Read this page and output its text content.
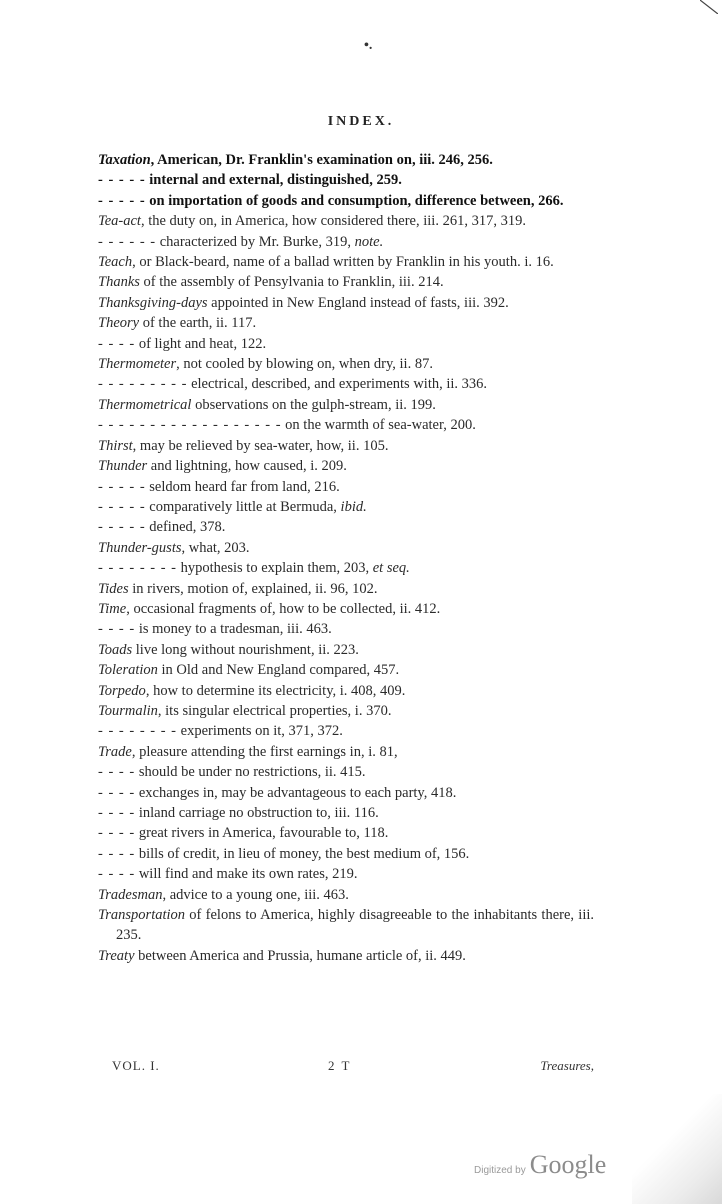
•.
INDEX.
Taxation, American, Dr. Franklin's examination on, iii. 246, 256.
- - - - - internal and external, distinguished, 259.
- - - - - on importation of goods and consumption, difference between, 266.
Tea-act, the duty on, in America, how considered there, iii. 261, 317, 319.
- - - - - - characterized by Mr. Burke, 319, note.
Teach, or Black-beard, name of a ballad written by Franklin in his youth. i. 16.
Thanks of the assembly of Pensylvania to Franklin, iii. 214.
Thanksgiving-days appointed in New England instead of fasts, iii. 392.
Theory of the earth, ii. 117.
- - - - of light and heat, 122.
Thermometer, not cooled by blowing on, when dry, ii. 87.
- - - - - - - - - electrical, described, and experiments with, ii. 336.
Thermometrical observations on the gulph-stream, ii. 199.
- - - - - - - - - - - - - - - - - - on the warmth of sea-water, 200.
Thirst, may be relieved by sea-water, how, ii. 105.
Thunder and lightning, how caused, i. 209.
- - - - - seldom heard far from land, 216.
- - - - - comparatively little at Bermuda, ibid.
- - - - - defined, 378.
Thunder-gusts, what, 203.
- - - - - - - - hypothesis to explain them, 203, et seq.
Tides in rivers, motion of, explained, ii. 96, 102.
Time, occasional fragments of, how to be collected, ii. 412.
- - - - is money to a tradesman, iii. 463.
Toads live long without nourishment, ii. 223.
Toleration in Old and New England compared, 457.
Torpedo, how to determine its electricity, i. 408, 409.
Tourmalin, its singular electrical properties, i. 370.
- - - - - - - - experiments on it, 371, 372.
Trade, pleasure attending the first earnings in, i. 81,
- - - - should be under no restrictions, ii. 415.
- - - - exchanges in, may be advantageous to each party, 418.
- - - - inland carriage no obstruction to, iii. 116.
- - - - great rivers in America, favourable to, 118.
- - - - bills of credit, in lieu of money, the best medium of, 156.
- - - - will find and make its own rates, 219.
Tradesman, advice to a young one, iii. 463.
Transportation of felons to America, highly disagreeable to the inhabitants there, iii. 235.
Treaty between America and Prussia, humane article of, ii. 449.
VOL. I.	2 T	Treasures,
Digitized by Google
